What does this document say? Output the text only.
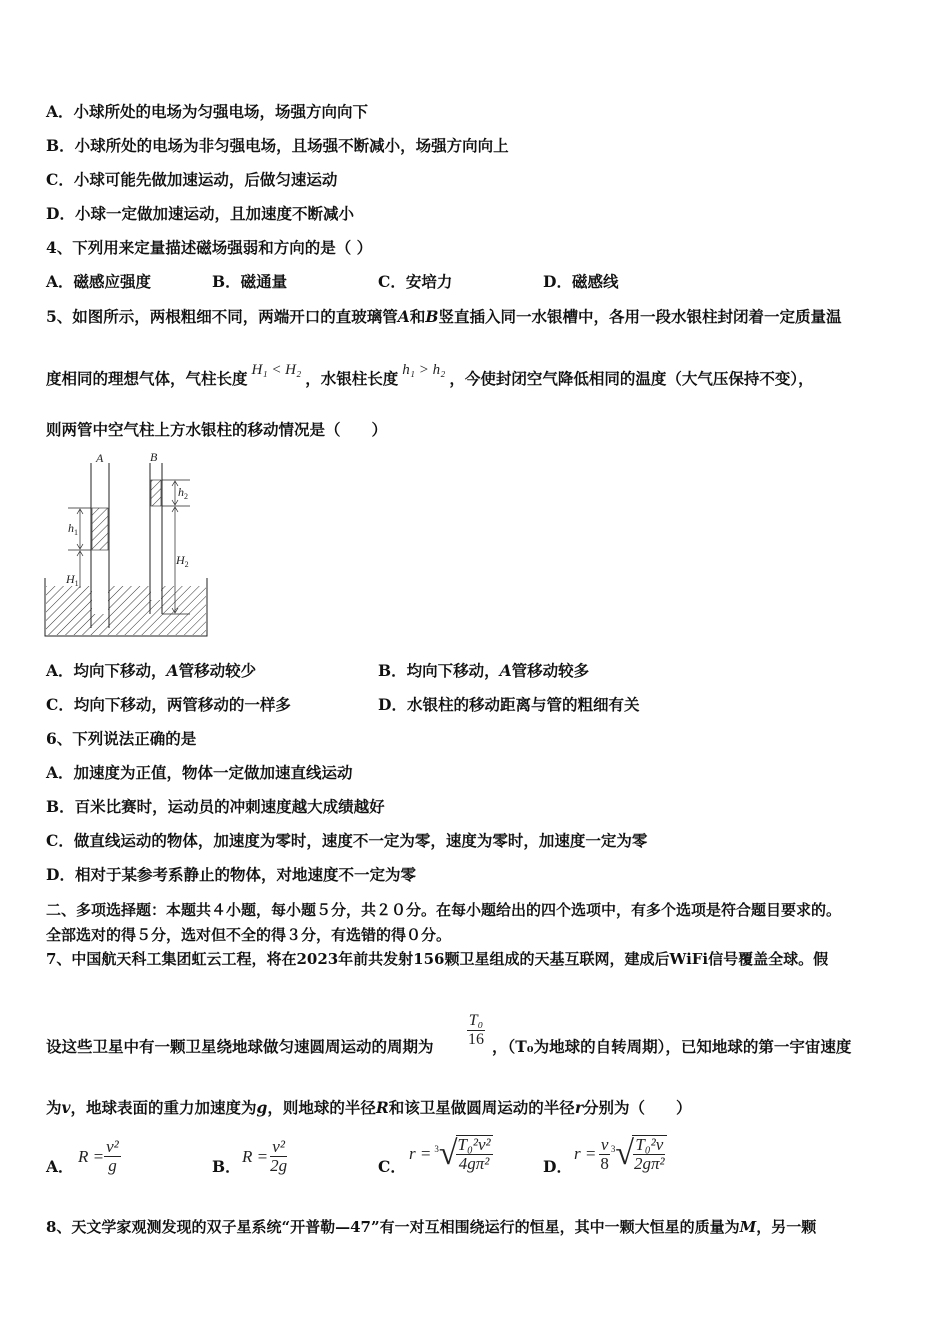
A．小球所处的电场为匀强电场，场强方向向下
B．小球所处的电场为非匀强电场，且场强不断减小，场强方向向上
C．小球可能先做加速运动，后做匀速运动
D．小球一定做加速运动，且加速度不断减小
4、下列用来定量描述磁场强弱和方向的是（ ）
A．磁感应强度	B．磁通量	C．安培力	D．磁感线
5、如图所示，两根粗细不同，两端开口的直玻璃管A和B竖直插入同一水银槽中，各用一段水银柱封闭着一定质量温
度相同的理想气体，气柱长度 H₁ < H₂ ，水银柱长度 h₁ > h₂ ，今使封闭空气降低相同的温度（大气压保持不变），
则两管中空气柱上方水银柱的移动情况是（　　）
A	B
$h_1$
$H_1$
$h_2$
$H_2$
A．均向下移动，A管移动较少	B．均向下移动，A管移动较多
C．均向下移动，两管移动的一样多	D．水银柱的移动距离与管的粗细有关
6、下列说法正确的是
A．加速度为正值，物体一定做加速直线运动
B．百米比赛时，运动员的冲刺速度越大成绩越好
C．做直线运动的物体，加速度为零时，速度不一定为零，速度为零时，加速度一定为零
D．相对于某参考系静止的物体，对地速度不一定为零
二、多项选择题：本题共４小题，每小题５分，共２０分。在每小题给出的四个选项中，有多个选项是符合题目要求的。
全部选对的得５分，选对但不全的得３分，有选错的得０分。
7、中国航天科工集团虹云工程，将在2023年前共发射156颗卫星组成的天基互联网，建成后WiFi信号覆盖全球。假
设这些卫星中有一颗卫星绕地球做匀速圆周运动的周期为 $\frac{\text{T₀}}{16}$ ，（T₀为地球的自转周期），已知地球的第一宇宙速度
为v，地球表面的重力加速度为g，则地球的半径R和该卫星做圆周运动的半径r分别为（　　）
A．
$R = \frac{\text{v²}}{g}$	B．
$R = \frac{\text{v²}}{2g}$	C．
r = 3 √
$\frac{\text{T₀²v²}}{\text{4gπ²}}$	D．
$r = \frac{v}{8} 3$ √
$\frac{\text{T₀²v}}{\text{2gπ²}}$
8、天文学家观测发现的双子星系统“开普勒—47”有一对互相围绕运行的恒星，其中一颗大恒星的质量为M，另一颗
